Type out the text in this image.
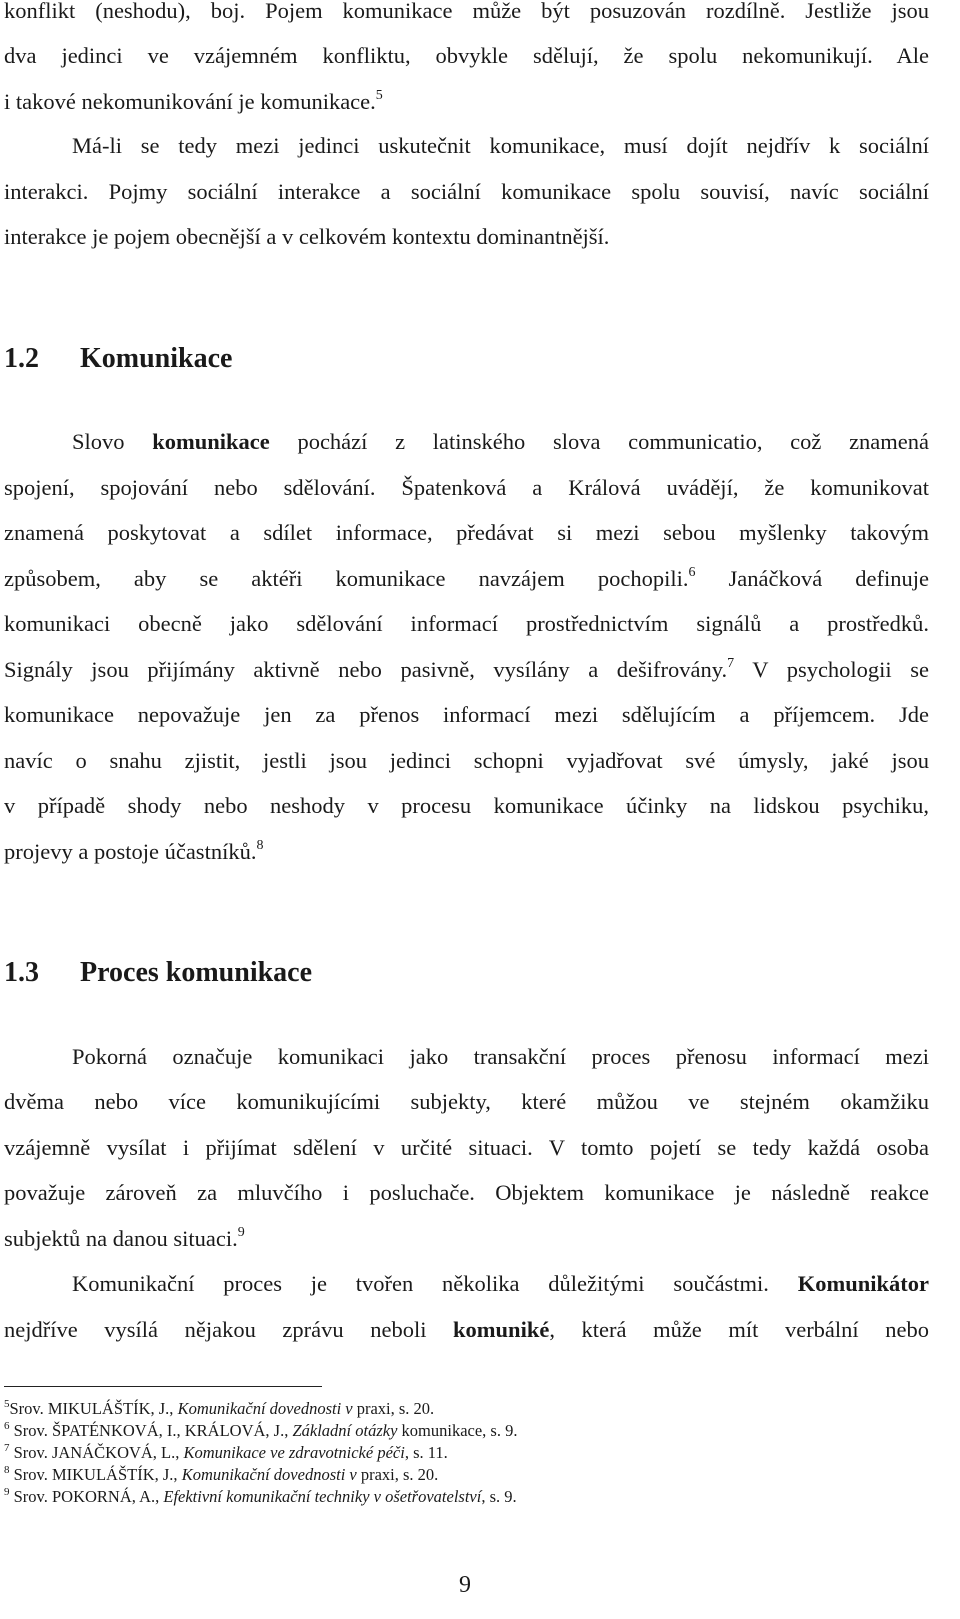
konflikt (neshodu), boj. Pojem komunikace může být posuzován rozdílně. Jestliže jsou
dva jedinci ve vzájemném konfliktu, obvykle sdělují, že spolu nekomunikují. Ale
i takové nekomunikování je komunikace.$^5$
Má-li se tedy mezi jedinci uskutečnit komunikace, musí dojít nejdřív k sociální
interakci. Pojmy sociální interakce a sociální komunikace spolu souvisí, navíc sociální
interakce je pojem obecnější a v celkovém kontextu dominantnější.
1.2 Komunikace
Slovo komunikace pochází z latinského slova communicatio, což znamená
spojení, spojování nebo sdělování. Špatenková a Králová uvádějí, že komunikovat
znamená poskytovat a sdílet informace, předávat si mezi sebou myšlenky takovým
způsobem, aby se aktéři komunikace navzájem pochopili.$^6$ Janáčková definuje
komunikaci obecně jako sdělování informací prostřednictvím signálů a prostředků.
Signály jsou přijímány aktivně nebo pasivně, vysílány a dešifrovány.$^7$ V psychologii se
komunikace nepovažuje jen za přenos informací mezi sdělujícím a příjemcem. Jde
navíc o snahu zjistit, jestli jsou jedinci schopni vyjadřovat své úmysly, jaké jsou
v případě shody nebo neshody v procesu komunikace účinky na lidskou psychiku,
projevy a postoje účastníků.$^8$
1.3 Proces komunikace
Pokorná označuje komunikaci jako transakční proces přenosu informací mezi
dvěma nebo více komunikujícími subjekty, které můžou ve stejném okamžiku
vzájemně vysílat i přijímat sdělení v určité situaci. V tomto pojetí se tedy každá osoba
považuje zároveň za mluvčího i posluchače. Objektem komunikace je následně reakce
subjektů na danou situaci.$^9$
Komunikační proces je tvořen několika důležitými součástmi. Komunikátor
nejdříve vysílá nějakou zprávu neboli komuniké, která může mít verbální nebo
$^5$Srov. MIKULÁŠTÍK, J., Komunikační dovednosti v praxi, s. 20.
$^6$ Srov. ŠPATÉNKOVÁ, I., KRÁLOVÁ, J., Základní otázky komunikace, s. 9.
$^7$ Srov. JANÁČKOVÁ, L., Komunikace ve zdravotnické péči, s. 11.
$^8$ Srov. MIKULÁŠTÍK, J., Komunikační dovednosti v praxi, s. 20.
$^9$ Srov. POKORNÁ, A., Efektivní komunikační techniky v ošetřovatelství, s. 9.
9
